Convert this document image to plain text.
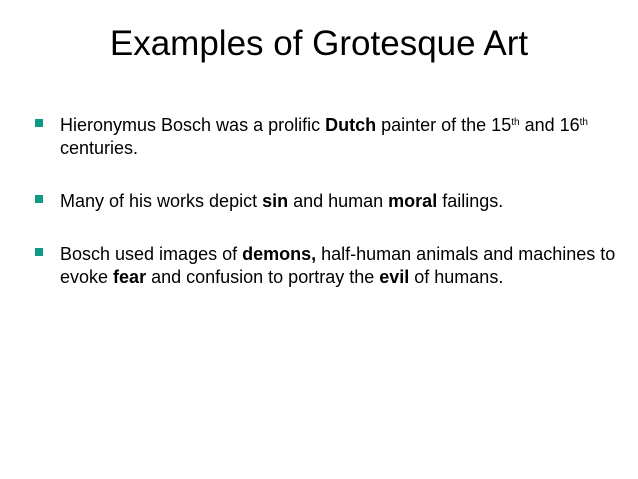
Examples of Grotesque Art
Hieronymus Bosch was a prolific Dutch painter of the 15th and 16th centuries.
Many of his works depict sin and human moral failings.
Bosch used images of demons, half-human animals and machines to evoke fear and confusion to portray the evil of humans.
